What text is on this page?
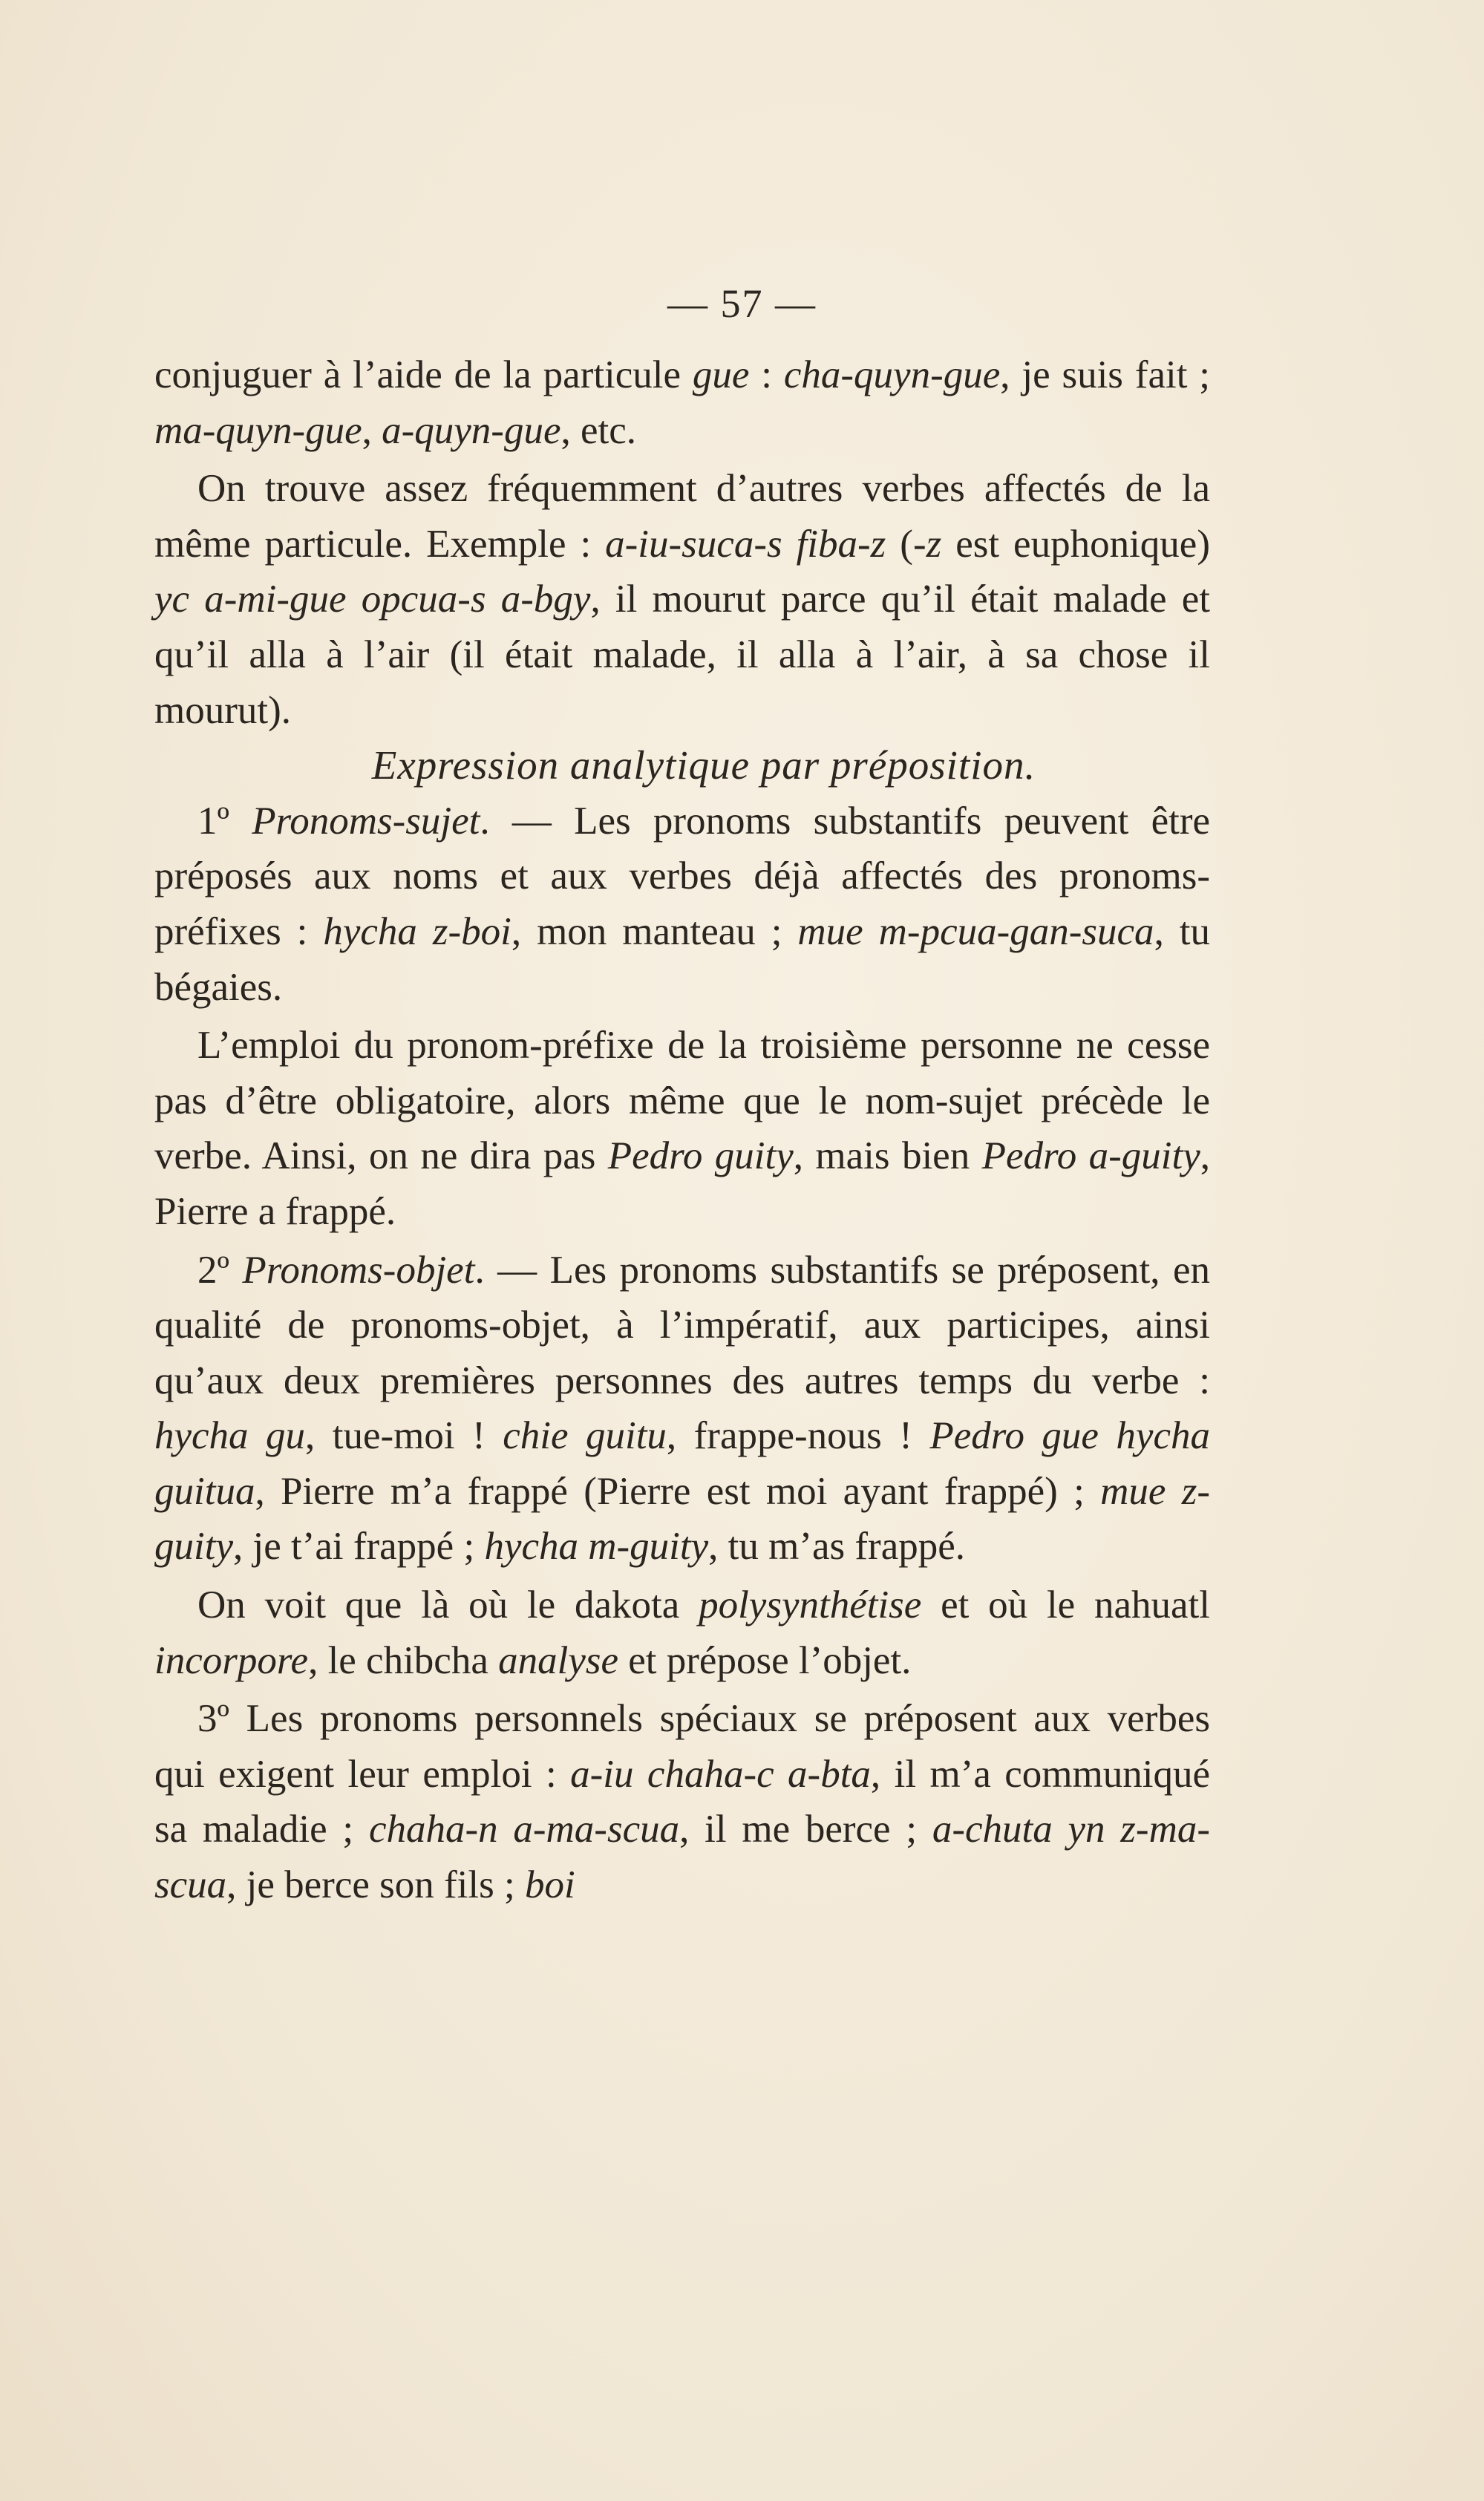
— 57 —

conjuguer à l’aide de la particule gue : cha-quyn-gue, je suis fait ; ma-quyn-gue, a-quyn-gue, etc.

On trouve assez fréquemment d’autres verbes affectés de la même particule. Exemple : a-iu-suca-s fiba-z (-z est euphonique) yc a-mi-gue opcua-s a-bgy, il mourut parce qu’il était malade et qu’il alla à l’air (il était malade, il alla à l’air, à sa chose il mourut).

Expression analytique par préposition.

1º Pronoms-sujet. — Les pronoms substantifs peuvent être préposés aux noms et aux verbes déjà affectés des pronoms-préfixes : hycha z-boi, mon manteau ; mue m-pcua-gan-suca, tu bégaies.

L’emploi du pronom-préfixe de la troisième personne ne cesse pas d’être obligatoire, alors même que le nom-sujet précède le verbe. Ainsi, on ne dira pas Pedro guity, mais bien Pedro a-guity, Pierre a frappé.

2º Pronoms-objet. — Les pronoms substantifs se préposent, en qualité de pronoms-objet, à l’impératif, aux participes, ainsi qu’aux deux premières personnes des autres temps du verbe : hycha gu, tue-moi ! chie guitu, frappe-nous ! Pedro gue hycha guitua, Pierre m’a frappé (Pierre est moi ayant frappé) ; mue z-guity, je t’ai frappé ; hycha m-guity, tu m’as frappé.

On voit que là où le dakota polysynthétise et où le nahuatl incorpore, le chibcha analyse et prépose l’objet.

3º Les pronoms personnels spéciaux se préposent aux verbes qui exigent leur emploi : a-iu chaha-c a-bta, il m’a communiqué sa maladie ; chaha-n a-ma-scua, il me berce ; a-chuta yn z-ma-scua, je berce son fils ; boi
